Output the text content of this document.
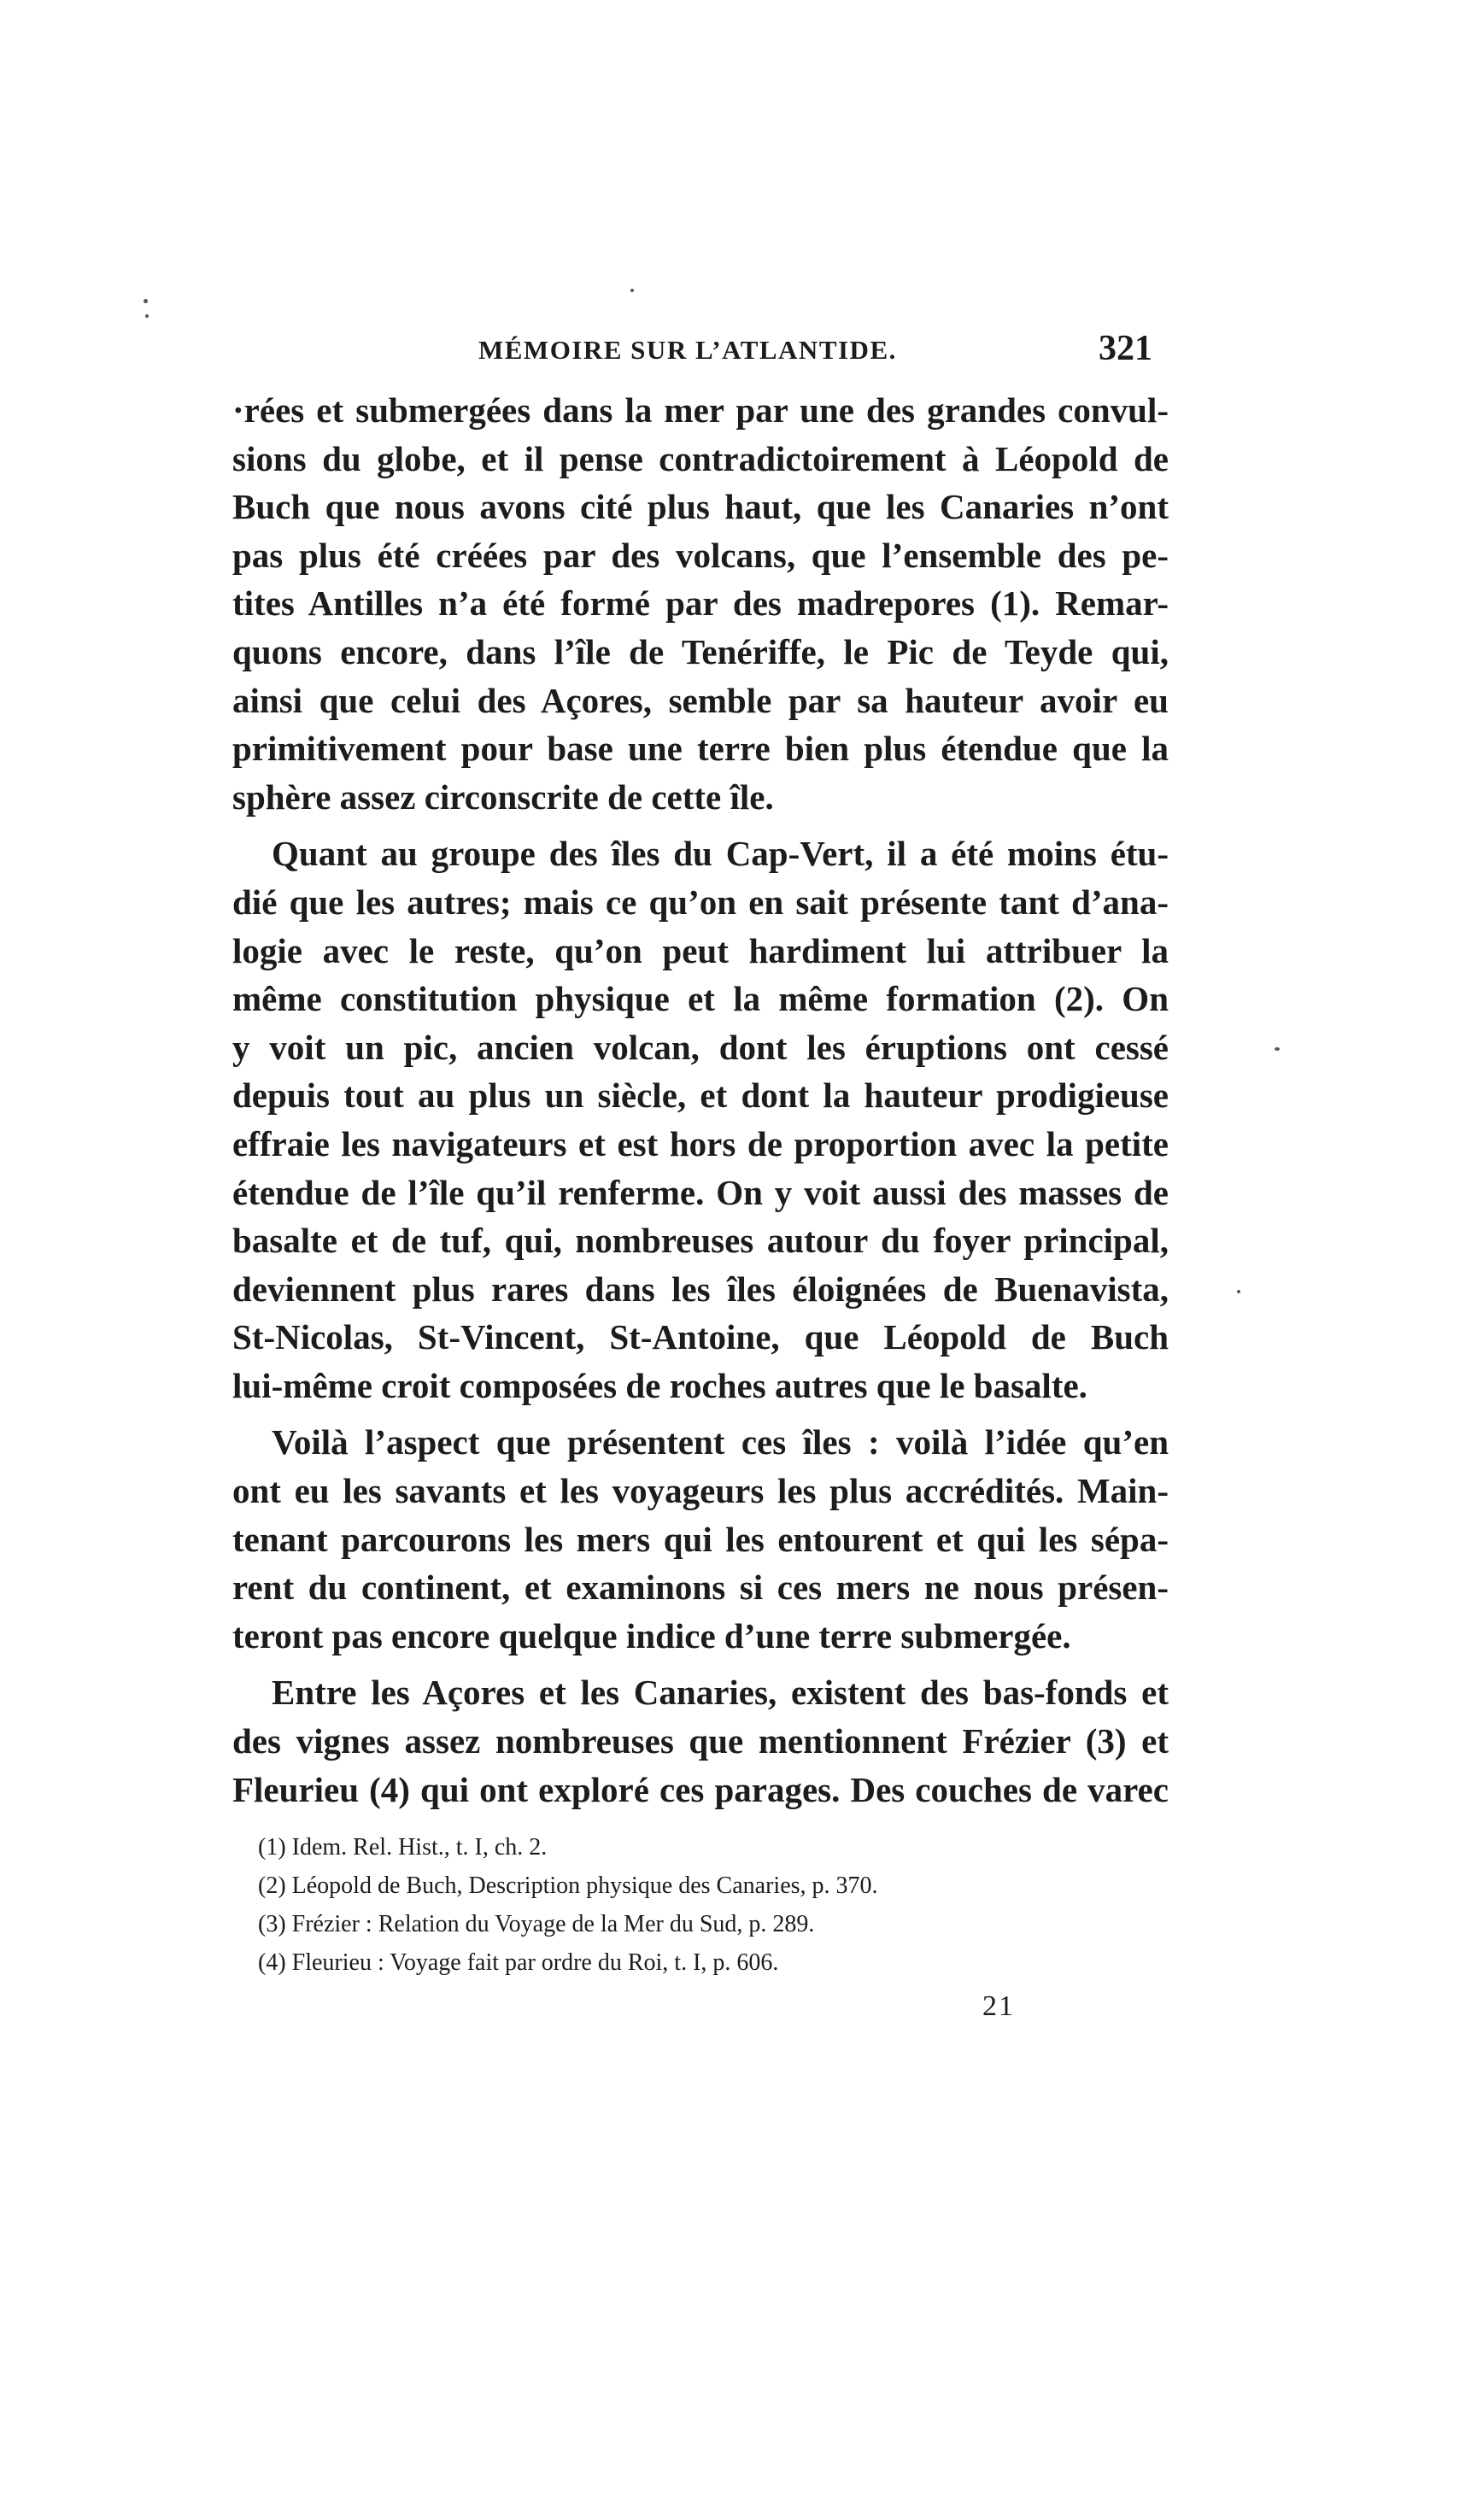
MÉMOIRE SUR L’ATLANTIDE.	321
·rées et submergées dans la mer par une des grandes convul-
sions du globe, et il pense contradictoirement à Léopold de
Buch que nous avons cité plus haut, que les Canaries n’ont
pas plus été créées par des volcans, que l’ensemble des pe-
tites Antilles n’a été formé par des madrepores (1). Remar-
quons encore, dans l’île de Tenériffe, le Pic de Teyde qui,
ainsi que celui des Açores, semble par sa hauteur avoir eu
primitivement pour base une terre bien plus étendue que la
sphère assez circonscrite de cette île.
Quant au groupe des îles du Cap-Vert, il a été moins étu-
dié que les autres; mais ce qu’on en sait présente tant d’ana-
logie avec le reste, qu’on peut hardiment lui attribuer la
même constitution physique et la même formation (2). On
y voit un pic, ancien volcan, dont les éruptions ont cessé
depuis tout au plus un siècle, et dont la hauteur prodigieuse
effraie les navigateurs et est hors de proportion avec la petite
étendue de l’île qu’il renferme. On y voit aussi des masses de
basalte et de tuf, qui, nombreuses autour du foyer principal,
deviennent plus rares dans les îles éloignées de Buenavista,
St-Nicolas, St-Vincent, St-Antoine, que Léopold de Buch
lui-même croit composées de roches autres que le basalte.
Voilà l’aspect que présentent ces îles : voilà l’idée qu’en
ont eu les savants et les voyageurs les plus accrédités. Main-
tenant parcourons les mers qui les entourent et qui les sépa-
rent du continent, et examinons si ces mers ne nous présen-
teront pas encore quelque indice d’une terre submergée.
Entre les Açores et les Canaries, existent des bas-fonds et
des vignes assez nombreuses que mentionnent Frézier (3) et
Fleurieu (4) qui ont exploré ces parages. Des couches de varec
(1) Idem. Rel. Hist., t. I, ch. 2.
(2) Léopold de Buch, Description physique des Canaries, p. 370.
(3) Frézier : Relation du Voyage de la Mer du Sud, p. 289.
(4) Fleurieu : Voyage fait par ordre du Roi, t. I, p. 606.
21
